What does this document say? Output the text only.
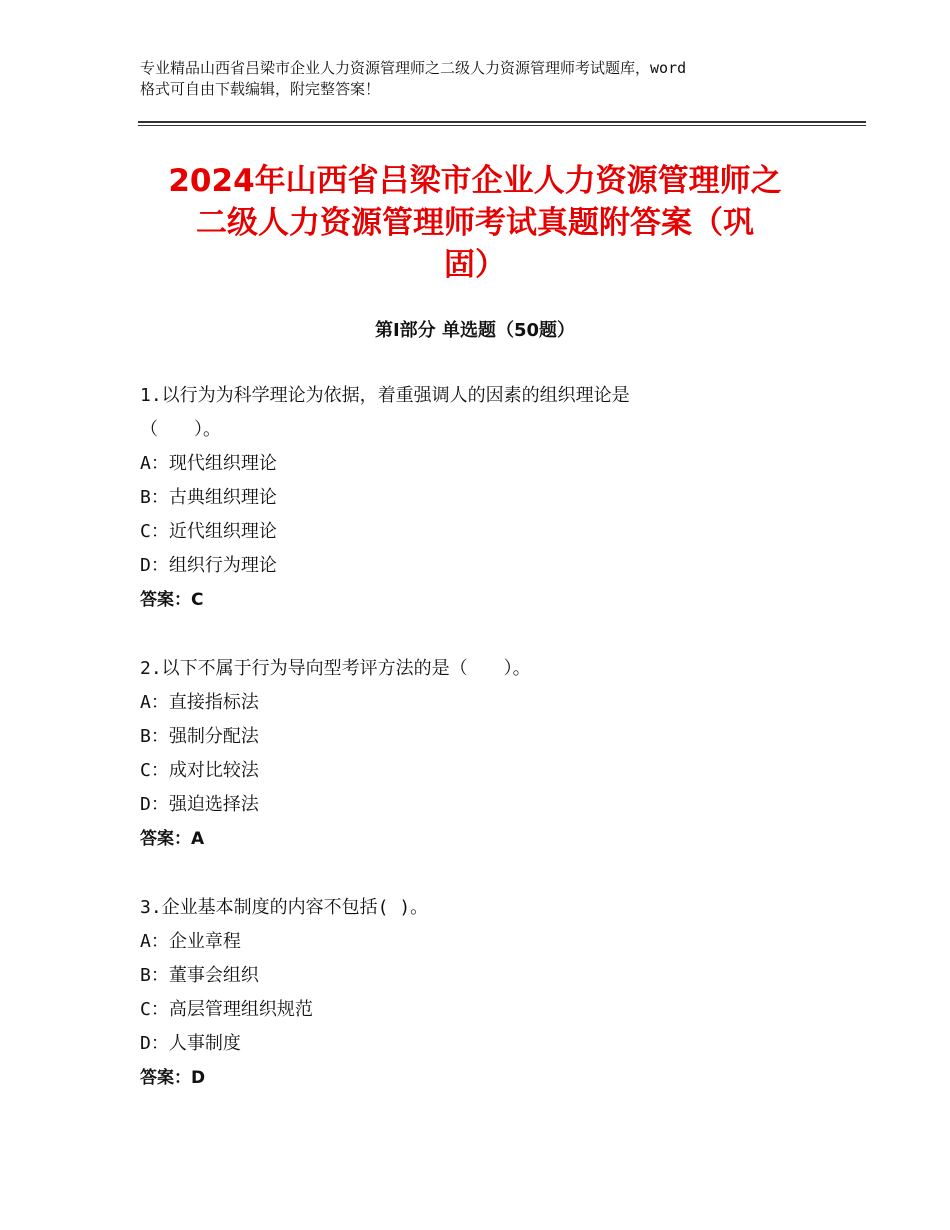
专业精品山西省吕梁市企业人力资源管理师之二级人力资源管理师考试题库，word
格式可自由下载编辑，附完整答案！
2024年山西省吕梁市企业人力资源管理师之
二级人力资源管理师考试真题附答案（巩
固）
第Ⅰ部分 单选题（50题）
1.以行为为科学理论为依据，着重强调人的因素的组织理论是
（　　）。
A：现代组织理论
B：古典组织理论
C：近代组织理论
D：组织行为理论
答案：C
2.以下不属于行为导向型考评方法的是（　　）。
A：直接指标法
B：强制分配法
C：成对比较法
D：强迫选择法
答案：A
3.企业基本制度的内容不包括( )。
A：企业章程
B：董事会组织
C：高层管理组织规范
D：人事制度
答案：D
